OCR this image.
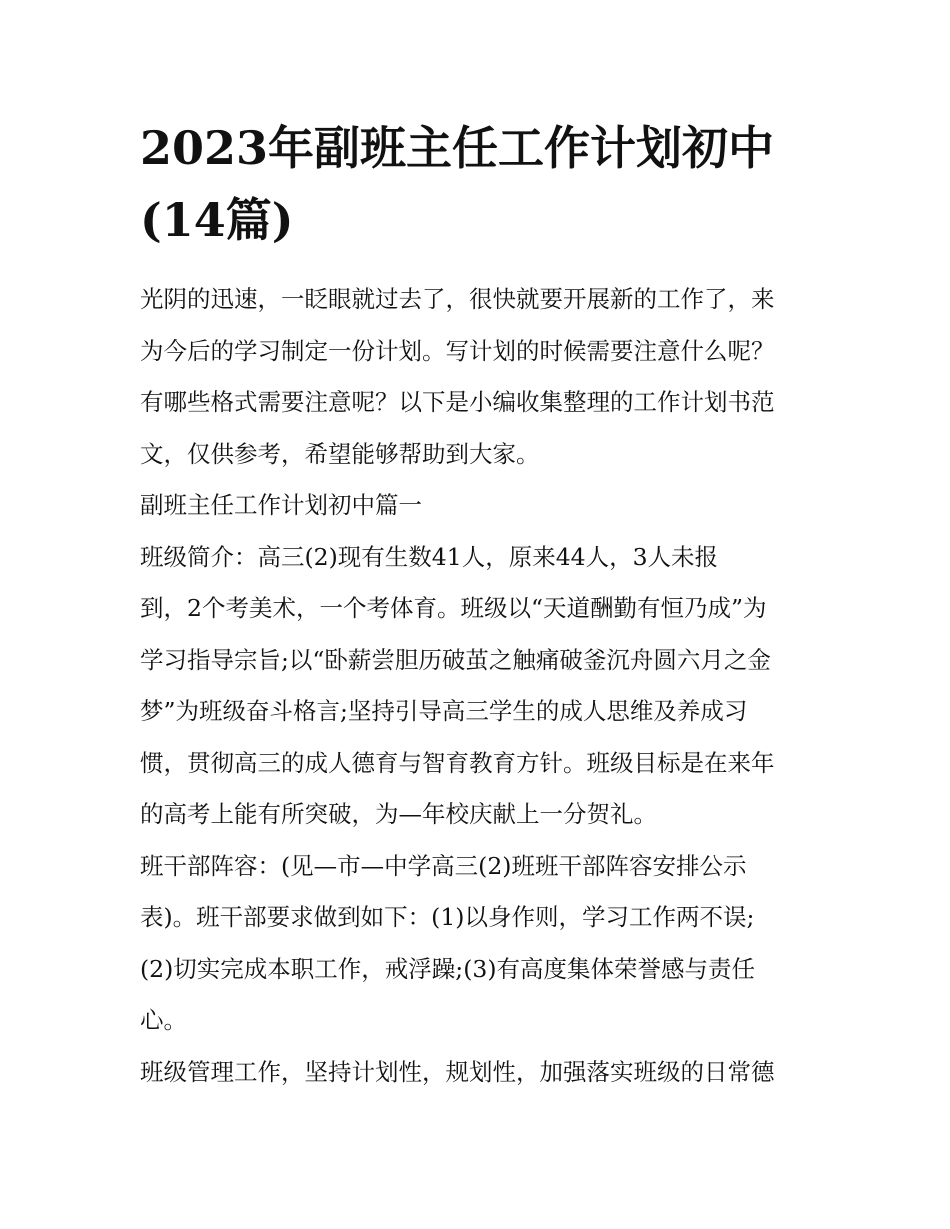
2023年副班主任工作计划初中
(14篇)
光阴的迅速，一眨眼就过去了，很快就要开展新的工作了，来
为今后的学习制定一份计划。写计划的时候需要注意什么呢？
有哪些格式需要注意呢？以下是小编收集整理的工作计划书范
文，仅供参考，希望能够帮助到大家。
副班主任工作计划初中篇一
班级简介：高三(2)现有生数41人，原来44人，3人未报
到，2个考美术，一个考体育。班级以“天道酬勤有恒乃成”为
学习指导宗旨;以“卧薪尝胆历破茧之触痛破釜沉舟圆六月之金
梦”为班级奋斗格言;坚持引导高三学生的成人思维及养成习
惯，贯彻高三的成人德育与智育教育方针。班级目标是在来年
的高考上能有所突破，为—年校庆献上一分贺礼。
班干部阵容：(见—市—中学高三(2)班班干部阵容安排公示
表)。班干部要求做到如下：(1)以身作则，学习工作两不误;
(2)切实完成本职工作，戒浮躁;(3)有高度集体荣誉感与责任
心。
班级管理工作，坚持计划性，规划性，加强落实班级的日常德
